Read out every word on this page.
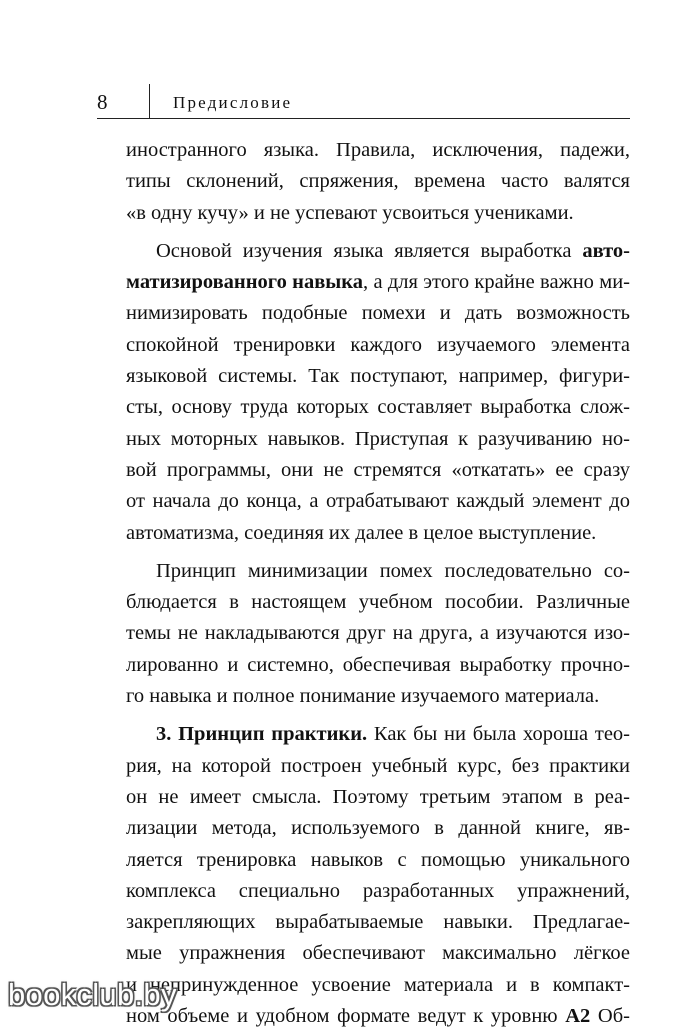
8	Предисловие
иностранного языка. Правила, исключения, падежи,
типы склонений, спряжения, времена часто валятся
«в одну кучу» и не успевают усвоиться учениками.
Основой изучения языка является выработка авто-
матизированного навыка, а для этого крайне важно ми-
нимизировать подобные помехи и дать возможность
спокойной тренировки каждого изучаемого элемента
языковой системы. Так поступают, например, фигури-
сты, основу труда которых составляет выработка слож-
ных моторных навыков. Приступая к разучиванию но-
вой программы, они не стремятся «откатать» ее сразу
от начала до конца, а отрабатывают каждый элемент до
автоматизма, соединяя их далее в целое выступление.
Принцип минимизации помех последовательно со-
блюдается в настоящем учебном пособии. Различные
темы не накладываются друг на друга, а изучаются изо-
лированно и системно, обеспечивая выработку прочно-
го навыка и полное понимание изучаемого материала.
3. Принцип практики. Как бы ни была хороша тео-
рия, на которой построен учебный курс, без практики
он не имеет смысла. Поэтому третьим этапом в реа-
лизации метода, используемого в данной книге, яв-
ляется тренировка навыков с помощью уникального
комплекса специально разработанных упражнений,
закрепляющих вырабатываемые навыки. Предлагае-
мые упражнения обеспечивают максимально лёгкое
и непринужденное усвоение материала и в компакт-
ном объеме и удобном формате ведут к уровню A2 Об-
bookclub.by
